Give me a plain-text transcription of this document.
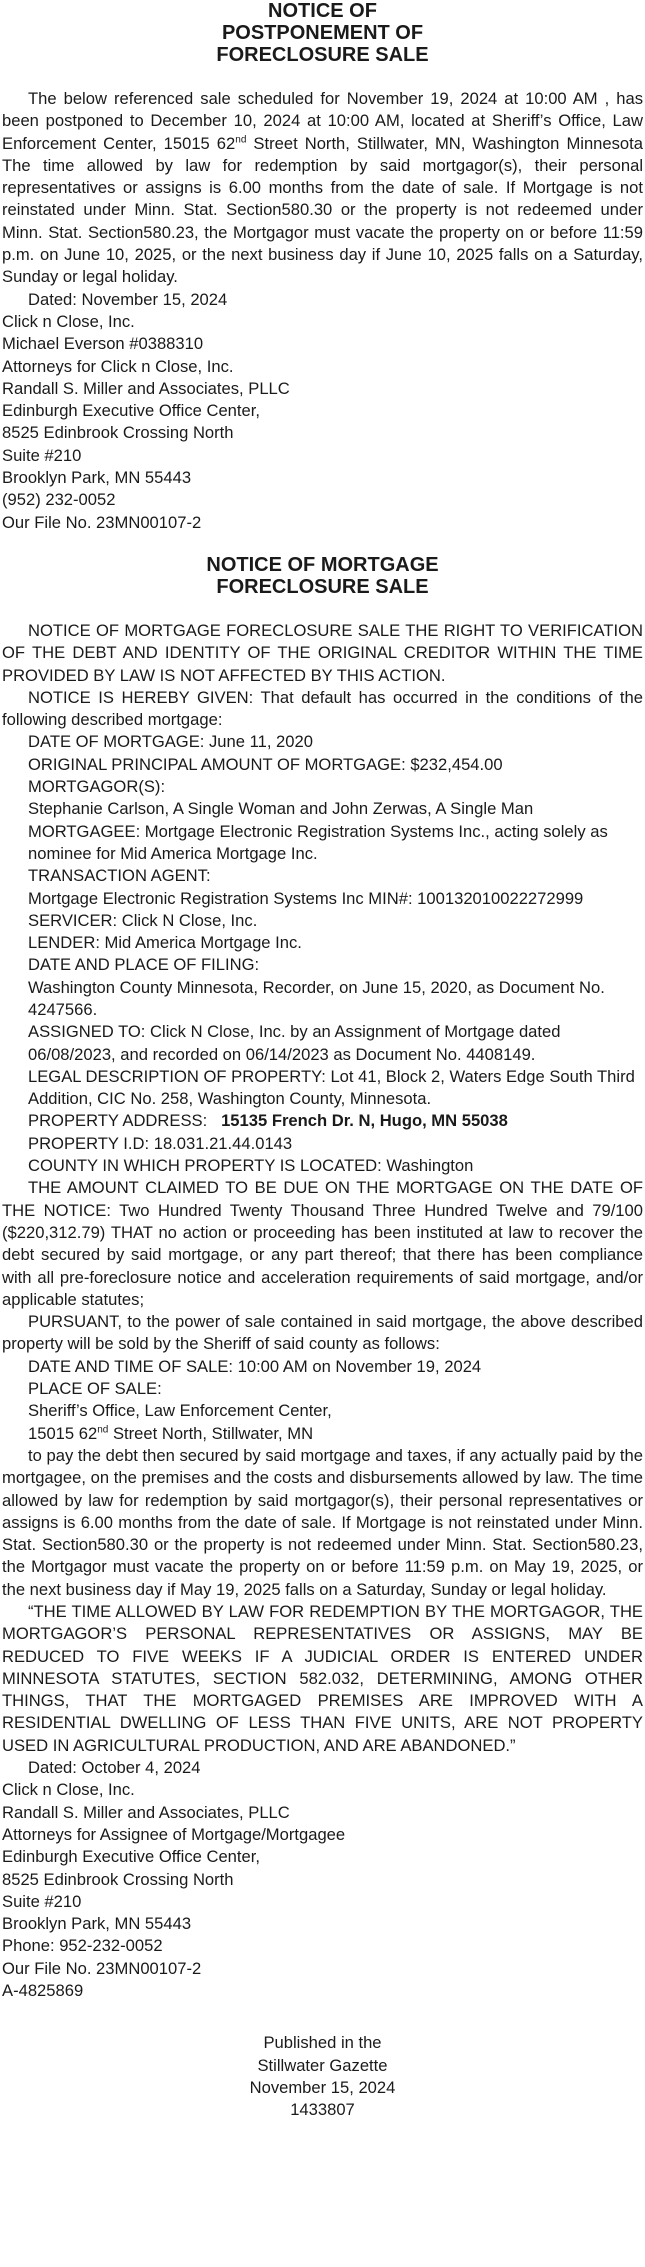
NOTICE OF
POSTPONEMENT OF
FORECLOSURE SALE

The below referenced sale scheduled for November 19, 2024 at 10:00 AM , has been postponed to December 10, 2024 at 10:00 AM, located at Sheriff’s Office, Law Enforcement Center, 15015 62nd Street North, Stillwater, MN, Washington Minnesota The time allowed by law for redemption by said mortgagor(s), their personal representatives or assigns is 6.00 months from the date of sale. If Mortgage is not reinstated under Minn. Stat. Section580.30 or the property is not redeemed under Minn. Stat. Section580.23, the Mortgagor must vacate the property on or before 11:59 p.m. on June 10, 2025, or the next business day if June 10, 2025 falls on a Saturday, Sunday or legal holiday.

Dated: November 15, 2024

Click n Close, Inc.

Michael Everson #0388310

Attorneys for Click n Close, Inc.

Randall S. Miller and Associates, PLLC

Edinburgh Executive Office Center,

8525 Edinbrook Crossing North

Suite #210

Brooklyn Park, MN 55443

(952) 232-0052

Our File No. 23MN00107-2

NOTICE OF MORTGAGE
FORECLOSURE SALE

NOTICE OF MORTGAGE FORECLOSURE SALE THE RIGHT TO VERIFICATION OF THE DEBT AND IDENTITY OF THE ORIGINAL CREDITOR WITHIN THE TIME PROVIDED BY LAW IS NOT AFFECTED BY THIS ACTION.

NOTICE IS HEREBY GIVEN: That default has occurred in the conditions of the following described mortgage:

DATE OF MORTGAGE: June 11, 2020

ORIGINAL PRINCIPAL AMOUNT OF MORTGAGE: $232,454.00

MORTGAGOR(S):

Stephanie Carlson, A Single Woman and John Zerwas, A Single Man

MORTGAGEE: Mortgage Electronic Registration Systems Inc., acting solely as nominee for Mid America Mortgage Inc.

TRANSACTION AGENT:

Mortgage Electronic Registration Systems Inc MIN#: 100132010022272999

SERVICER: Click N Close, Inc.

LENDER: Mid America Mortgage Inc.

DATE AND PLACE OF FILING:

Washington County Minnesota, Recorder, on June 15, 2020, as Document No. 4247566.

ASSIGNED TO: Click N Close, Inc. by an Assignment of Mortgage dated 06/08/2023, and recorded on 06/14/2023 as Document No. 4408149.

LEGAL DESCRIPTION OF PROPERTY: Lot 41, Block 2, Waters Edge South Third Addition, CIC No. 258, Washington County, Minnesota.

PROPERTY ADDRESS: 15135 French Dr. N, Hugo, MN 55038

PROPERTY I.D: 18.031.21.44.0143

COUNTY IN WHICH PROPERTY IS LOCATED: Washington

THE AMOUNT CLAIMED TO BE DUE ON THE MORTGAGE ON THE DATE OF THE NOTICE: Two Hundred Twenty Thousand Three Hundred Twelve and 79/100 ($220,312.79) THAT no action or proceeding has been instituted at law to recover the debt secured by said mortgage, or any part thereof; that there has been compliance with all pre-foreclosure notice and acceleration requirements of said mortgage, and/or applicable statutes;

PURSUANT, to the power of sale contained in said mortgage, the above described property will be sold by the Sheriff of said county as follows:

DATE AND TIME OF SALE: 10:00 AM on November 19, 2024

PLACE OF SALE:

Sheriff’s Office, Law Enforcement Center,

15015 62nd Street North, Stillwater, MN

to pay the debt then secured by said mortgage and taxes, if any actually paid by the mortgagee, on the premises and the costs and disbursements allowed by law. The time allowed by law for redemption by said mortgagor(s), their personal representatives or assigns is 6.00 months from the date of sale. If Mortgage is not reinstated under Minn. Stat. Section580.30 or the property is not redeemed under Minn. Stat. Section580.23, the Mortgagor must vacate the property on or before 11:59 p.m. on May 19, 2025, or the next business day if May 19, 2025 falls on a Saturday, Sunday or legal holiday.

“THE TIME ALLOWED BY LAW FOR REDEMPTION BY THE MORTGAGOR, THE MORTGAGOR’S PERSONAL REPRESENTATIVES OR ASSIGNS, MAY BE REDUCED TO FIVE WEEKS IF A JUDICIAL ORDER IS ENTERED UNDER MINNESOTA STATUTES, SECTION 582.032, DETERMINING, AMONG OTHER THINGS, THAT THE MORTGAGED PREMISES ARE IMPROVED WITH A RESIDENTIAL DWELLING OF LESS THAN FIVE UNITS, ARE NOT PROPERTY USED IN AGRICULTURAL PRODUCTION, AND ARE ABANDONED.”

Dated: October 4, 2024

Click n Close, Inc.

Randall S. Miller and Associates, PLLC

Attorneys for Assignee of Mortgage/Mortgagee

Edinburgh Executive Office Center,

8525 Edinbrook Crossing North

Suite #210

Brooklyn Park, MN 55443

Phone: 952-232-0052

Our File No. 23MN00107-2

A-4825869

Published in the

Stillwater Gazette

November 15, 2024

1433807
